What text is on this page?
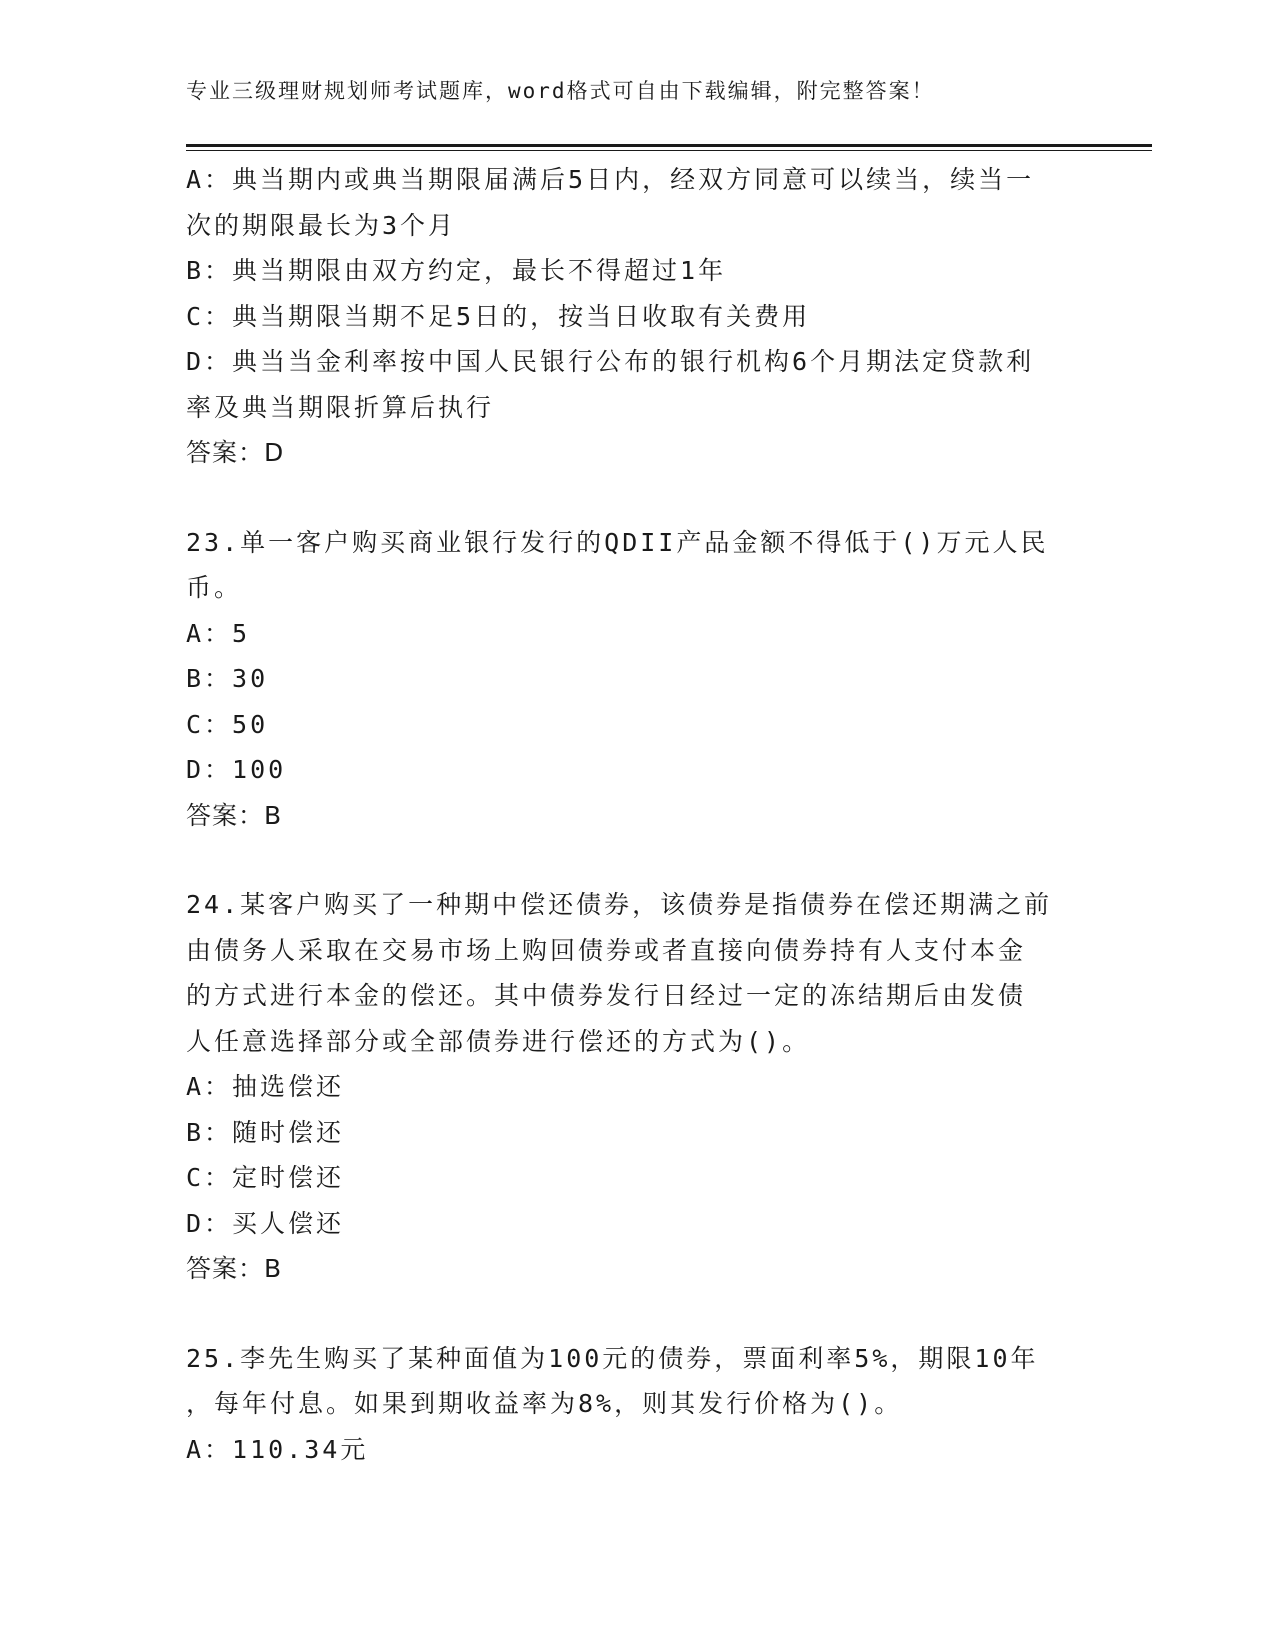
专业三级理财规划师考试题库，word格式可自由下载编辑，附完整答案！
A：典当期内或典当期限届满后5日内，经双方同意可以续当，续当一
次的期限最长为3个月
B：典当期限由双方约定，最长不得超过1年
C：典当期限当期不足5日的，按当日收取有关费用
D：典当当金利率按中国人民银行公布的银行机构6个月期法定贷款利
率及典当期限折算后执行
答案：D
23.单一客户购买商业银行发行的QDII产品金额不得低于()万元人民
币。
A：5
B：30
C：50
D：100
答案：B
24.某客户购买了一种期中偿还债券，该债券是指债券在偿还期满之前
由债务人采取在交易市场上购回债券或者直接向债券持有人支付本金
的方式进行本金的偿还。其中债券发行日经过一定的冻结期后由发债
人任意选择部分或全部债券进行偿还的方式为()。
A：抽选偿还
B：随时偿还
C：定时偿还
D：买人偿还
答案：B
25.李先生购买了某种面值为100元的债券，票面利率5%，期限10年
，每年付息。如果到期收益率为8%，则其发行价格为()。
A：110.34元
